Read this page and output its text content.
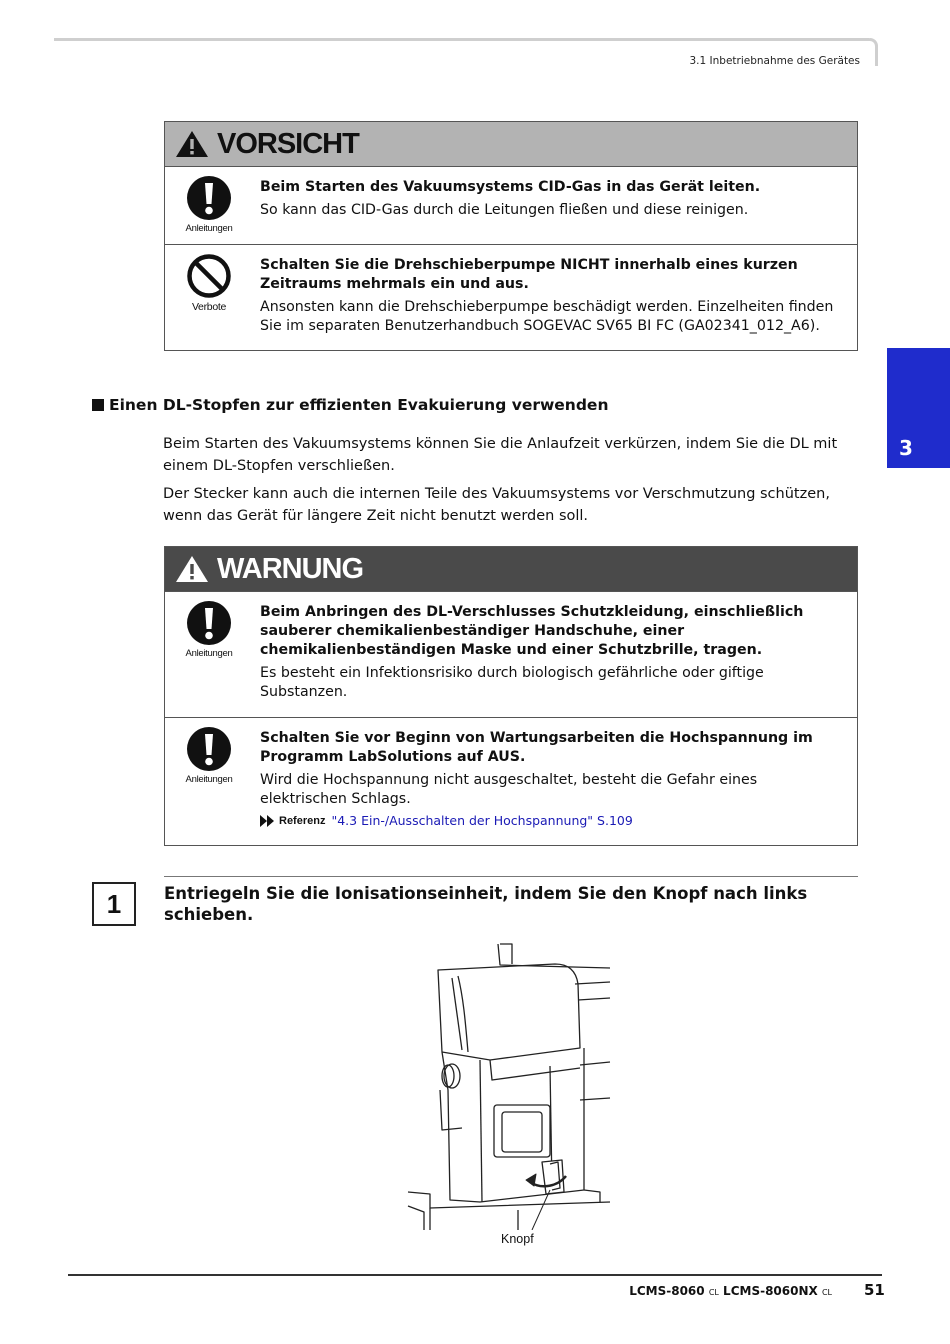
3.1 Inbetriebnahme des Gerätes
3
VORSICHT
Anleitungen
Beim Starten des Vakuumsystems CID-Gas in das Gerät leiten.
So kann das CID-Gas durch die Leitungen fließen und diese reinigen.
Verbote
Schalten Sie die Drehschieberpumpe NICHT innerhalb eines kurzen Zeitraums mehrmals ein und aus.
Ansonsten kann die Drehschieberpumpe beschädigt werden. Einzelheiten finden Sie im separaten Benutzerhandbuch SOGEVAC SV65 BI FC (GA02341_012_A6).
Einen DL-Stopfen zur effizienten Evakuierung verwenden
Beim Starten des Vakuumsystems können Sie die Anlaufzeit verkürzen, indem Sie die DL mit einem DL-Stopfen verschließen.
Der Stecker kann auch die internen Teile des Vakuumsystems vor Verschmutzung schützen, wenn das Gerät für längere Zeit nicht benutzt werden soll.
WARNUNG
Anleitungen
Beim Anbringen des DL-Verschlusses Schutzkleidung, einschließlich sauberer chemikalienbeständiger Handschuhe, einer chemikalienbeständigen Maske und einer Schutzbrille, tragen.
Es besteht ein Infektionsrisiko durch biologisch gefährliche oder giftige Substanzen.
Anleitungen
Schalten Sie vor Beginn von Wartungsarbeiten die Hochspannung im Programm LabSolutions auf AUS.
Wird die Hochspannung nicht ausgeschaltet, besteht die Gefahr eines elektrischen Schlags.
Referenz "4.3 Ein-/Ausschalten der Hochspannung" S.109
1	Entriegeln Sie die Ionisationseinheit, indem Sie den Knopf nach links schieben.
Knopf
LCMS-8060 CL LCMS-8060NX CL 51
